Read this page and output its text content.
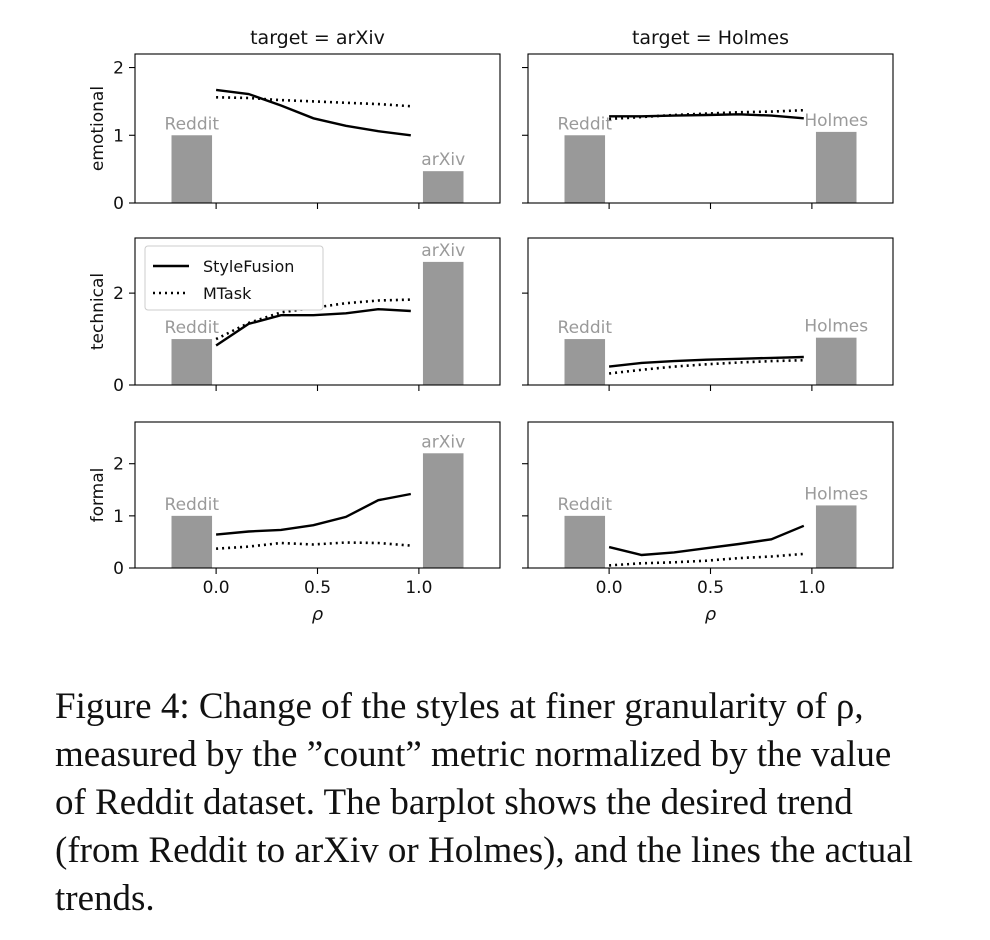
target = arXiv	target = Holmes
Reddit
arXiv
0
1
2
emotional	Reddit	Holmes
Reddit
arXiv
0
2
technical
StyleFusion
MTask
Reddit	Holmes
Reddit
arXiv
0
1
2
formal
0.0	0.5	1.0
ρ
Reddit
Holmes
0.0	0.5	1.0
ρ
Figure 4: Change of the styles at finer granularity of ρ, measured by the ”count” metric normalized by the value of Reddit dataset. The barplot shows the desired trend (from Reddit to arXiv or Holmes), and the lines the actual trends.
